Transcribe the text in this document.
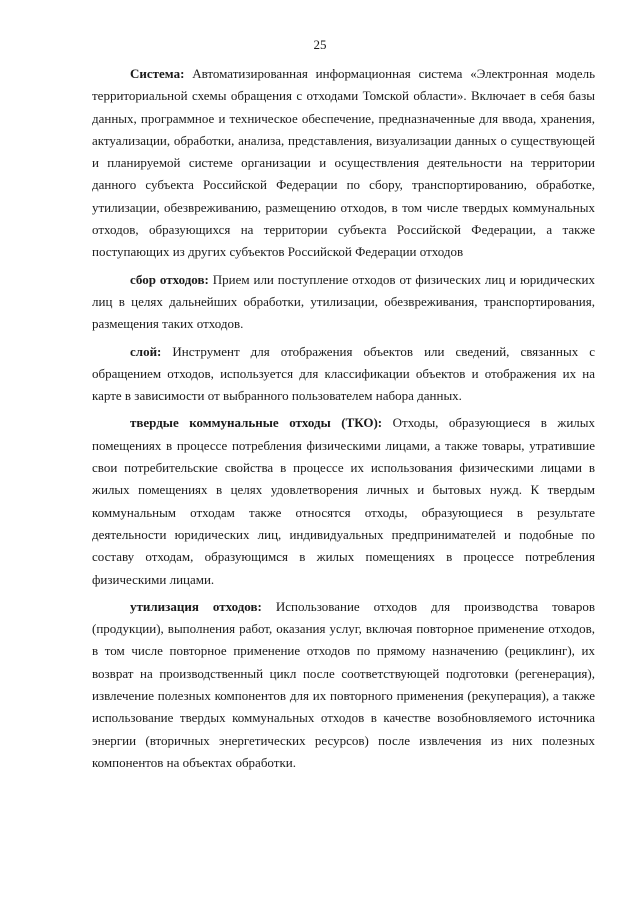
25

Система: Автоматизированная информационная система «Электронная модель территориальной схемы обращения с отходами Томской области». Включает в себя базы данных, программное и техническое обеспечение, предназначенные для ввода, хранения, актуализации, обработки, анализа, представления, визуализации данных о существующей и планируемой системе организации и осуществления деятельности на территории данного субъекта Российской Федерации по сбору, транспортированию, обработке, утилизации, обезвреживанию, размещению отходов, в том числе твердых коммунальных отходов, образующихся на территории субъекта Российской Федерации, а также поступающих из других субъектов Российской Федерации отходов

сбор отходов: Прием или поступление отходов от физических лиц и юридических лиц в целях дальнейших обработки, утилизации, обезвреживания, транспортирования, размещения таких отходов.

слой: Инструмент для отображения объектов или сведений, связанных с обращением отходов, используется для классификации объектов и отображения их на карте в зависимости от выбранного пользователем набора данных.

твердые коммунальные отходы (ТКО): Отходы, образующиеся в жилых помещениях в процессе потребления физическими лицами, а также товары, утратившие свои потребительские свойства в процессе их использования физическими лицами в жилых помещениях в целях удовлетворения личных и бытовых нужд. К твердым коммунальным отходам также относятся отходы, образующиеся в результате деятельности юридических лиц, индивидуальных предпринимателей и подобные по составу отходам, образующимся в жилых помещениях в процессе потребления физическими лицами.

утилизация отходов: Использование отходов для производства товаров (продукции), выполнения работ, оказания услуг, включая повторное применение отходов, в том числе повторное применение отходов по прямому назначению (рециклинг), их возврат на производственный цикл после соответствующей подготовки (регенерация), извлечение полезных компонентов для их повторного применения (рекуперация), а также использование твердых коммунальных отходов в качестве возобновляемого источника энергии (вторичных энергетических ресурсов) после извлечения из них полезных компонентов на объектах обработки.
